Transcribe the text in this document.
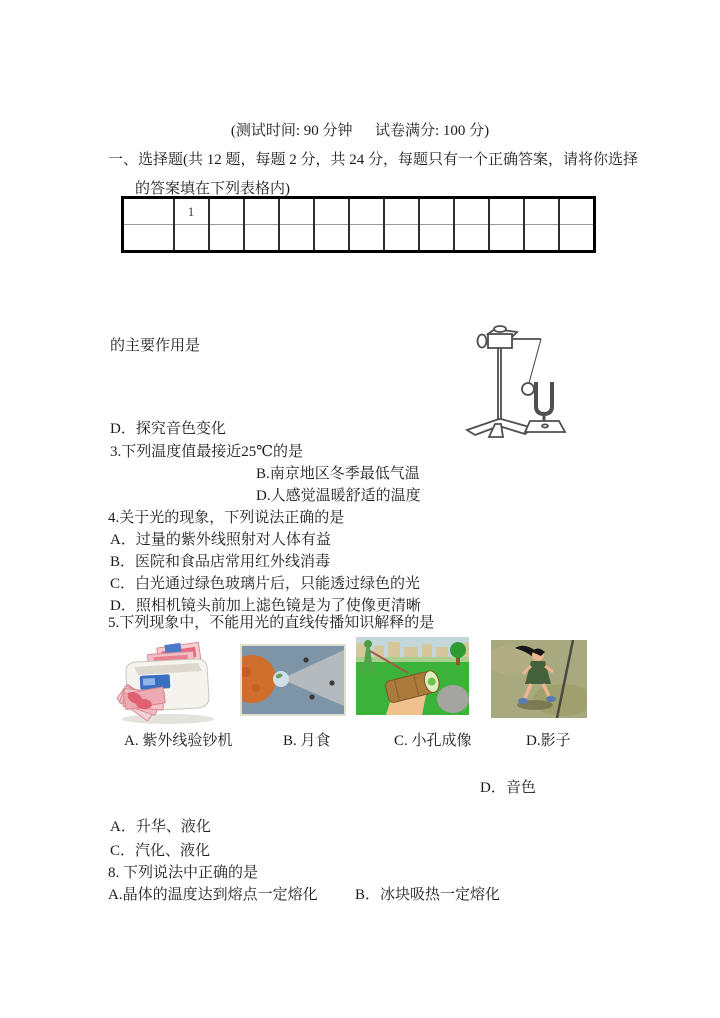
(测试时间: 90 分钟      试卷满分: 100 分)
一、选择题(共 12 题，每题 2 分，共 24 分，每题只有一个正确答案，请将你选择的答案填在下列表格内)
	1											

的主要作用是
D．探究音色变化
3.下列温度值最接近25℃的是
B.南京地区冬季最低气温
D.人感觉温暖舒适的温度
4.关于光的现象，下列说法正确的是
A．过量的紫外线照射对人体有益
B．医院和食品店常用红外线消毒
C．白光通过绿色玻璃片后，只能透过绿色的光
D．照相机镜头前加上滤色镜是为了使像更清晰
5.下列现象中，不能用光的直线传播知识解释的是
A. 紫外线验钞机	B. 月食	C. 小孔成像	D.影子
D．音色
A．升华、液化
C．汽化、液化
8. 下列说法中正确的是
A.晶体的温度达到熔点一定熔化 B．冰块吸热一定熔化
